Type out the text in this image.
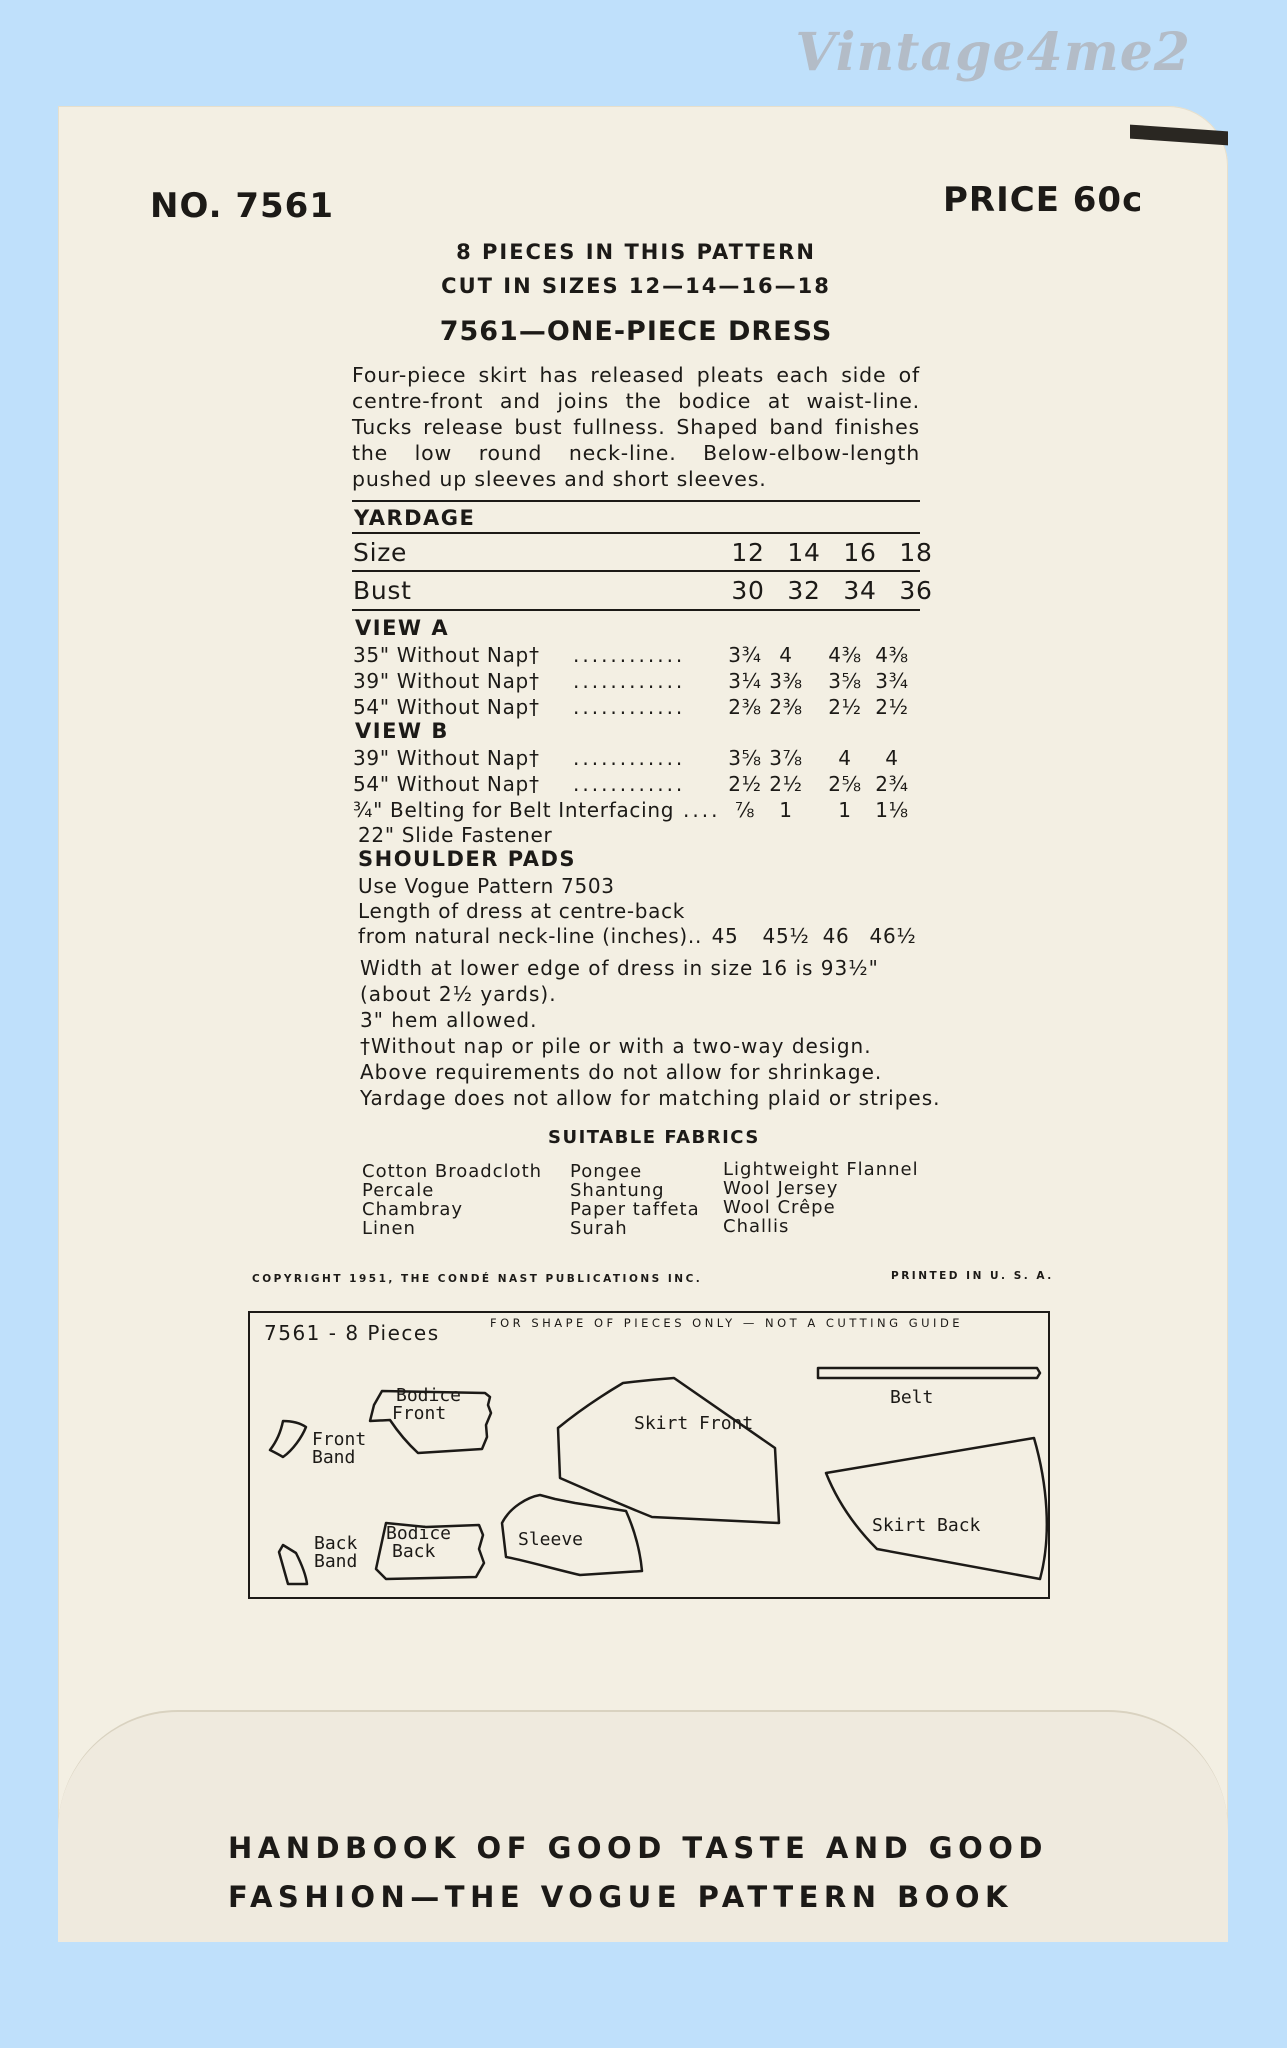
Vintage4me2
NO. 7561	PRICE 60c
8 PIECES IN THIS PATTERN
CUT IN SIZES 12—14—16—18
7561—ONE-PIECE DRESS
Four-piece skirt has released pleats each side of centre-front and joins the bodice at waist-line. Tucks release bust fullness. Shaped band finishes the low round neck-line. Below-elbow-length pushed up sleeves and short sleeves.
YARDAGE
Size	12 14 16 18
Bust	30 32 34 36
VIEW A
35" Without Nap† ............	3¾ 4	4⅜ 4⅜
39" Without Nap† ............	3¼ 3⅜	3⅝ 3¾
54" Without Nap† ............	2⅜ 2⅜	2½ 2½
VIEW B
39" Without Nap† ............	3⅝ 3⅞	4	4
54" Without Nap† ............	2½ 2½	2⅝ 2¾
¾" Belting for Belt Interfacing .... ⅞	1	1	1⅛
22" Slide Fastener
SHOULDER PADS
Use Vogue Pattern 7503
Length of dress at centre-back
from natural neck-line (inches).. 45	45½ 46	46½
Width at lower edge of dress in size 16 is 93½"
(about 2½ yards).
3" hem allowed.
†Without nap or pile or with a two-way design.
Above requirements do not allow for shrinkage.
Yardage does not allow for matching plaid or stripes.
SUITABLE FABRICS
Cotton Broadcloth
Percale
Chambray
Linen
Pongee
Shantung
Paper taffeta
Surah
Lightweight Flannel
Wool Jersey
Wool Crêpe
Challis
COPYRIGHT 1951, THE CONDÉ NAST PUBLICATIONS INC.	PRINTED IN U. S. A.
7561 - 8 Pieces	FOR SHAPE OF PIECES ONLY — NOT A CUTTING GUIDE
Bodice
Front
Front
Band
Skirt Front
Belt
Back
Band
Bodice
Back
Sleeve
Skirt Back
HANDBOOK OF GOOD TASTE AND GOOD
FASHION—THE VOGUE PATTERN BOOK
